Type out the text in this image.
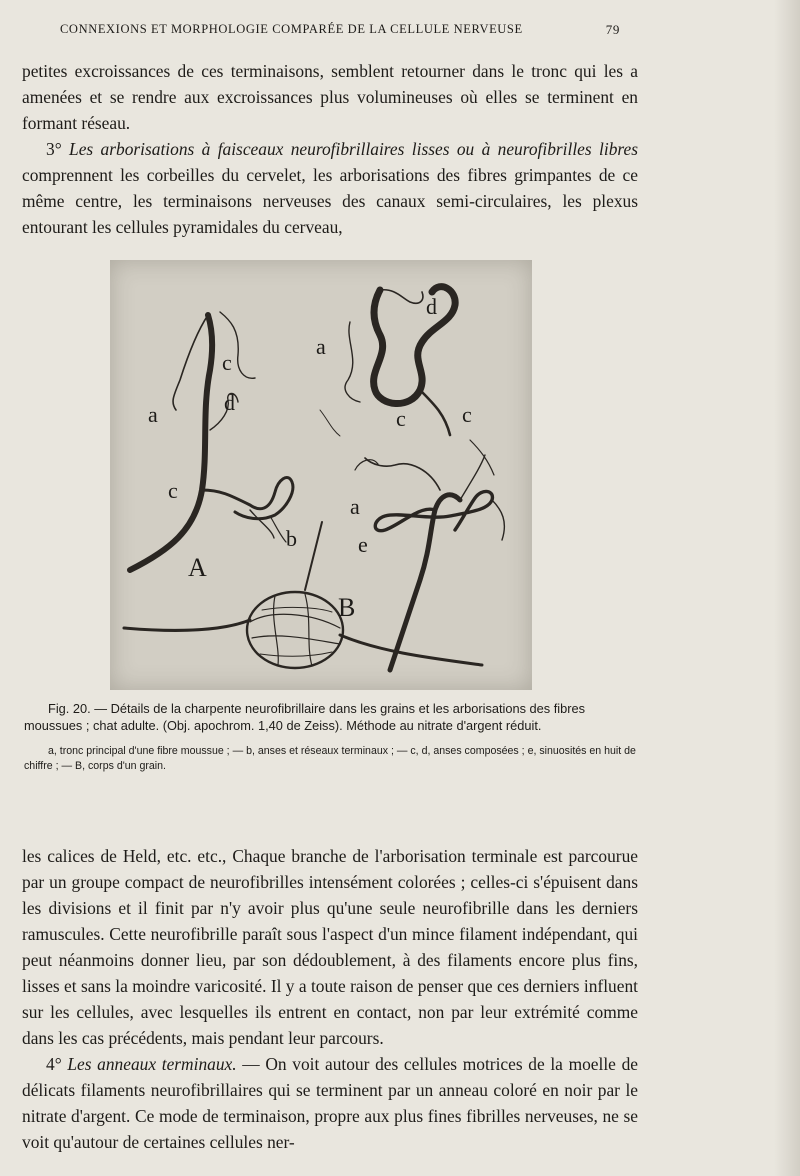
CONNEXIONS ET MORPHOLOGIE COMPARÉE DE LA CELLULE NERVEUSE	79

petites excroissances de ces terminaisons, semblent retourner dans le tronc qui les a amenées et se rendre aux excroissances plus volumineuses où elles se terminent en formant réseau.

3° Les arborisations à faisceaux neurofibrillaires lisses ou à neurofibrilles libres comprennent les corbeilles du cervelet, les arborisations des fibres grimpantes de ce même centre, les terminaisons nerveuses des canaux semi-circulaires, les plexus entourant les cellules pyramidales du cerveau,

a
c
d
c
b
A
a
d
c	c
a
e
B

Fig. 20. — Détails de la charpente neurofibrillaire dans les grains et les arborisations des fibres moussues ; chat adulte. (Obj. apochrom. 1,40 de Zeiss). Méthode au nitrate d'argent réduit.

a, tronc principal d'une fibre moussue ; — b, anses et réseaux terminaux ; — c, d, anses composées ; e, sinuosités en huit de chiffre ; — B, corps d'un grain.

les calices de Held, etc. etc., Chaque branche de l'arborisation terminale est parcourue par un groupe compact de neurofibrilles intensément colorées ; celles-ci s'épuisent dans les divisions et il finit par n'y avoir plus qu'une seule neurofibrille dans les derniers ramuscules. Cette neurofibrille paraît sous l'aspect d'un mince filament indépendant, qui peut néanmoins donner lieu, par son dédoublement, à des filaments encore plus fins, lisses et sans la moindre varicosité. Il y a toute raison de penser que ces derniers influent sur les cellules, avec lesquelles ils entrent en contact, non par leur extrémité comme dans les cas précédents, mais pendant leur parcours.

4° Les anneaux terminaux. — On voit autour des cellules motrices de la moelle de délicats filaments neurofibrillaires qui se terminent par un anneau coloré en noir par le nitrate d'argent. Ce mode de terminaison, propre aux plus fines fibrilles nerveuses, ne se voit qu'autour de certaines cellules ner-
